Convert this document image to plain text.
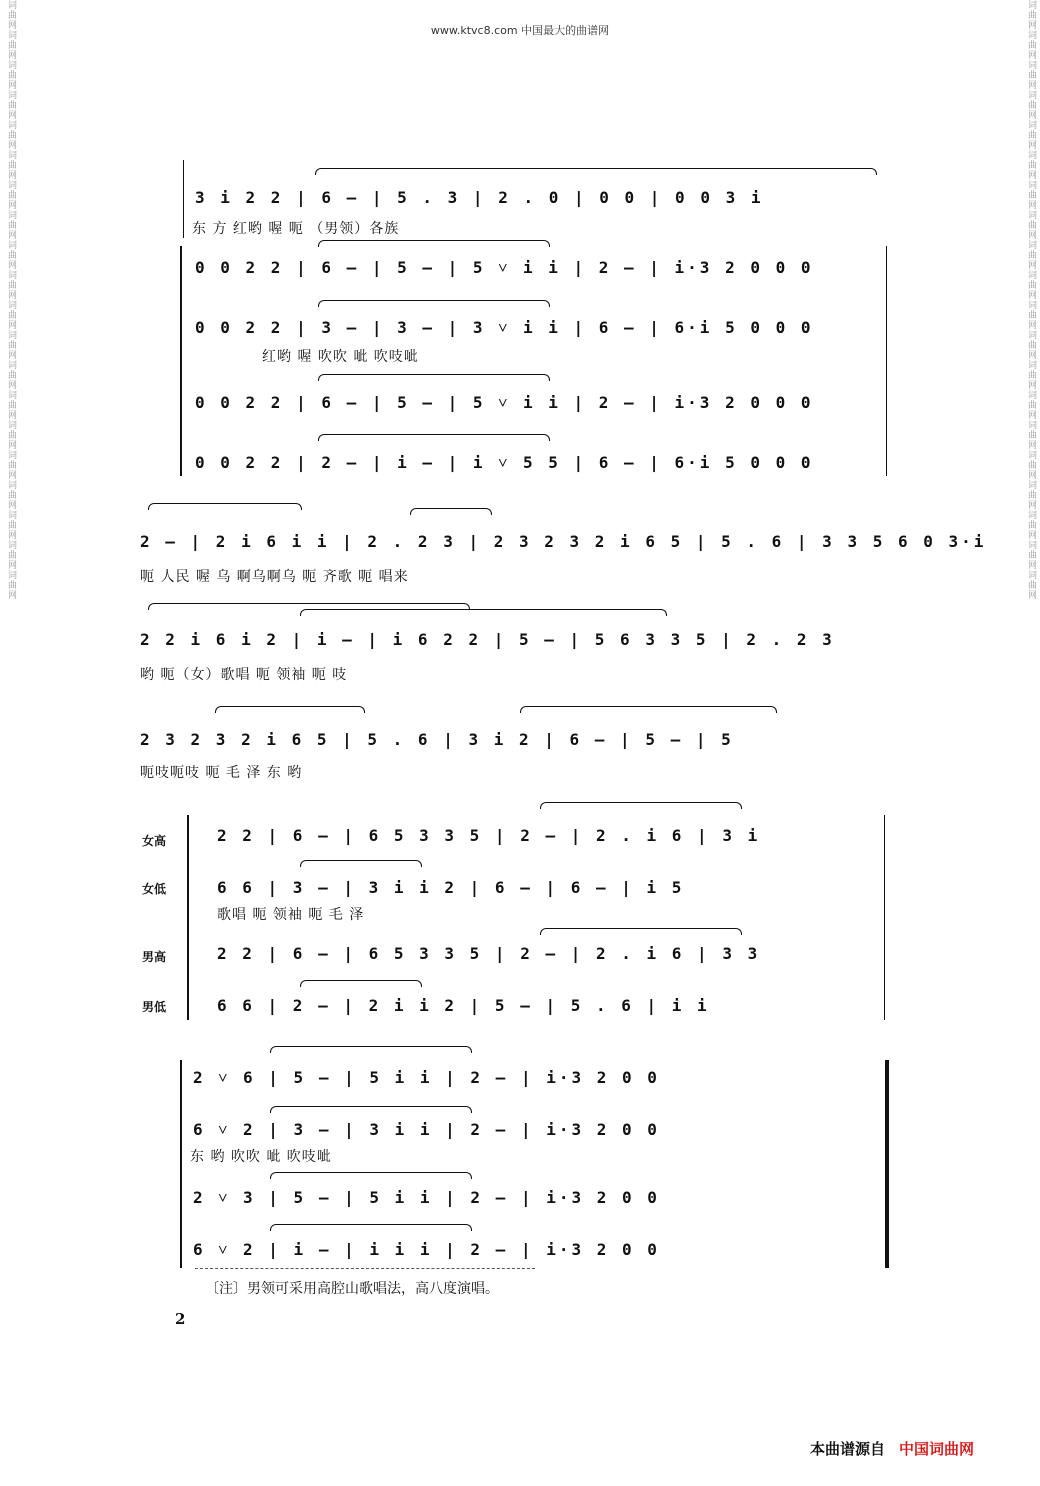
www.ktvc8.com 中国最大的曲谱网
词曲网词曲网词曲网词曲网词曲网词曲网词曲网词曲网词曲网词曲网词曲网词曲网词曲网词曲网词曲网词曲网词曲网词曲网词曲网词曲网	词曲网词曲网词曲网词曲网词曲网词曲网词曲网词曲网词曲网词曲网词曲网词曲网词曲网词曲网词曲网词曲网词曲网词曲网词曲网词曲网
3 i 2 2 | 6 — | 5 . 3 | 2 . 0 | 0 0 | 0 0 3 i
东 方 红哟 喔 呃 （男领）各族
0 0 2 2 | 6 — | 5 — | 5 ˅ i i | 2 — | i·3 2 0 0 0
0 0 2 2 | 3 — | 3 — | 3 ˅ i i | 6 — | 6·i 5 0 0 0
红哟 喔 吹吹 呲 吹吱呲
0 0 2 2 | 6 — | 5 — | 5 ˅ i i | 2 — | i·3 2 0 0 0
0 0 2 2 | 2 — | i — | i ˅ 5 5 | 6 — | 6·i 5 0 0 0
2 — | 2 i 6 i i | 2 . 2 3 | 2 3 2 3 2 i 6 5 | 5 . 6 | 3 3 5 6 0 3·i
呃 人民 喔 乌 啊乌啊乌 呃 齐歌 呃 唱来
2 2 i 6 i 2 | i — | i 6 2 2 | 5 — | 5 6 3 3 5 | 2 . 2 3
哟 呃（女）歌唱 呃 领袖 呃 吱
2 3 2 3 2 i 6 5 | 5 . 6 | 3 i 2 | 6 — | 5 — | 5
呃吱呃吱 呃 毛 泽 东 哟
女高
女低
男高
男低
2 2 | 6 — | 6 5 3 3 5 | 2 — | 2 . i 6 | 3 i
6 6 | 3 — | 3 i i 2 | 6 — | 6 — | i 5
歌唱 呃 领袖 呃 毛 泽
2 2 | 6 — | 6 5 3 3 5 | 2 — | 2 . i 6 | 3 3
6 6 | 2 — | 2 i i 2 | 5 — | 5 . 6 | i i
2 ˅ 6 | 5 — | 5 i i | 2 — | i·3 2 0 0
6 ˅ 2 | 3 — | 3 i i | 2 — | i·3 2 0 0
东 哟 吹吹 呲 吹吱呲
2 ˅ 3 | 5 — | 5 i i | 2 — | i·3 2 0 0
6 ˅ 2 | i — | i i i | 2 — | i·3 2 0 0
〔注〕男领可采用高腔山歌唱法，高八度演唱。
2
本曲谱源自 中国词曲网
